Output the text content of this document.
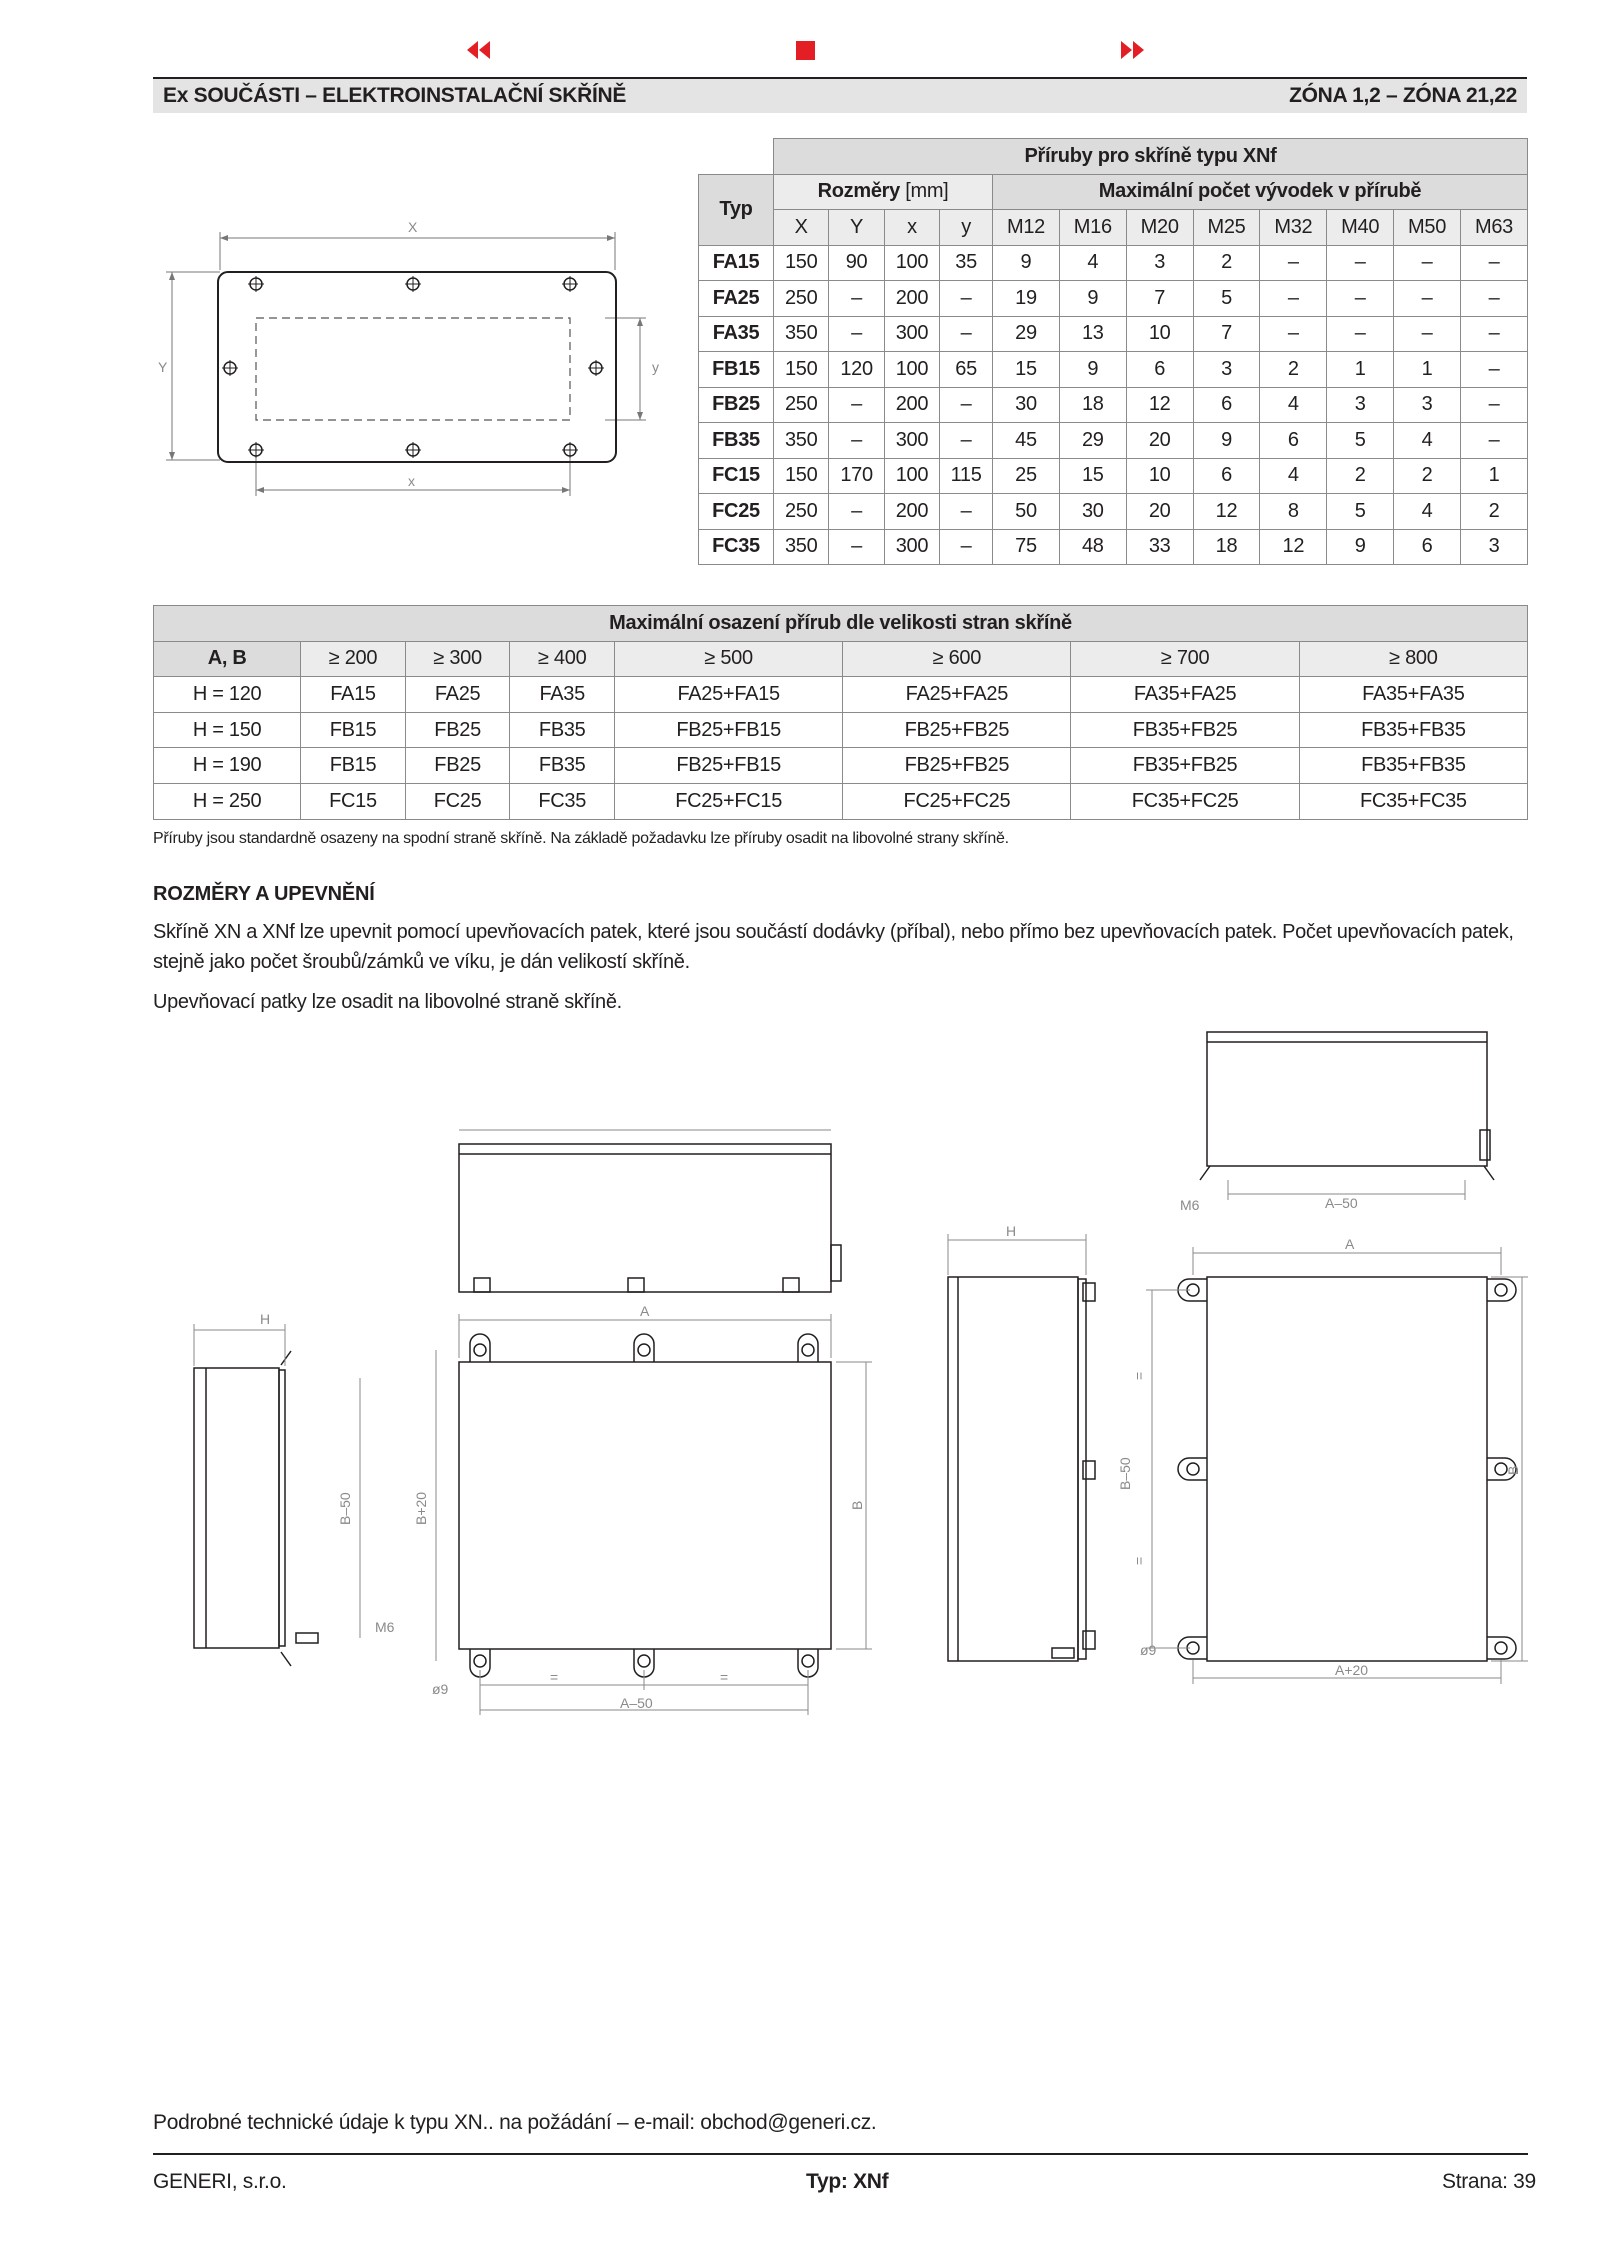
Ex SOUČÁSTI – ELEKTROINSTALAČNÍ SKŘÍNĚ	ZÓNA 1,2 – ZÓNA 21,22
X
Y	y
x
	Příruby pro skříně typu XNf											
Typ	Rozměry [mm]				Maximální počet vývodek v přírubě							
	X	Y	x	y	M12	M16	M20	M25	M32	M40	M50	M63
FA15	150	90	100	35	9	4	3	2	–	–	–	–
FA25	250	–	200	–	19	9	7	5	–	–	–	–
FA35	350	–	300	–	29	13	10	7	–	–	–	–
FB15	150	120	100	65	15	9	6	3	2	1	1	–
FB25	250	–	200	–	30	18	12	6	4	3	3	–
FB35	350	–	300	–	45	29	20	9	6	5	4	–
FC15	150	170	100	115	25	15	10	6	4	2	2	1
FC25	250	–	200	–	50	30	20	12	8	5	4	2
FC35	350	–	300	–	75	48	33	18	12	9	6	3
Maximální osazení přírub dle velikosti stran skříně							
A, B	≥ 200	≥ 300	≥ 400	≥ 500	≥ 600	≥ 700	≥ 800
H = 120	FA15	FA25	FA35	FA25+FA15	FA25+FA25	FA35+FA25	FA35+FA35
H = 150	FB15	FB25	FB35	FB25+FB15	FB25+FB25	FB35+FB25	FB35+FB35
H = 190	FB15	FB25	FB35	FB25+FB15	FB25+FB25	FB35+FB25	FB35+FB35
H = 250	FC15	FC25	FC35	FC25+FC15	FC25+FC25	FC35+FC25	FC35+FC35
Příruby jsou standardně osazeny na spodní straně skříně. Na základě požadavku lze příruby osadit na libovolné strany skříně.
ROZMĚRY A UPEVNĚNÍ
Skříně XN a XNf lze upevnit pomocí upevňovacích patek, které jsou součástí dodávky (příbal), nebo přímo bez upevňovacích patek. Počet upevňovacích patek, stejně jako počet šroubů/zámků ve víku, je dán velikostí skříně.
Upevňovací patky lze osadit na libovolné straně skříně.
H
B–50
M6
B+20
A
B
=	=
A–50
ø9
H
A
=
B–50
=
B
A+20
ø9
M6	A–50
Podrobné technické údaje k typu XN.. na požádání – e-mail: obchod@generi.cz.
GENERI, s.r.o.	Typ: XNf	Strana: 39
